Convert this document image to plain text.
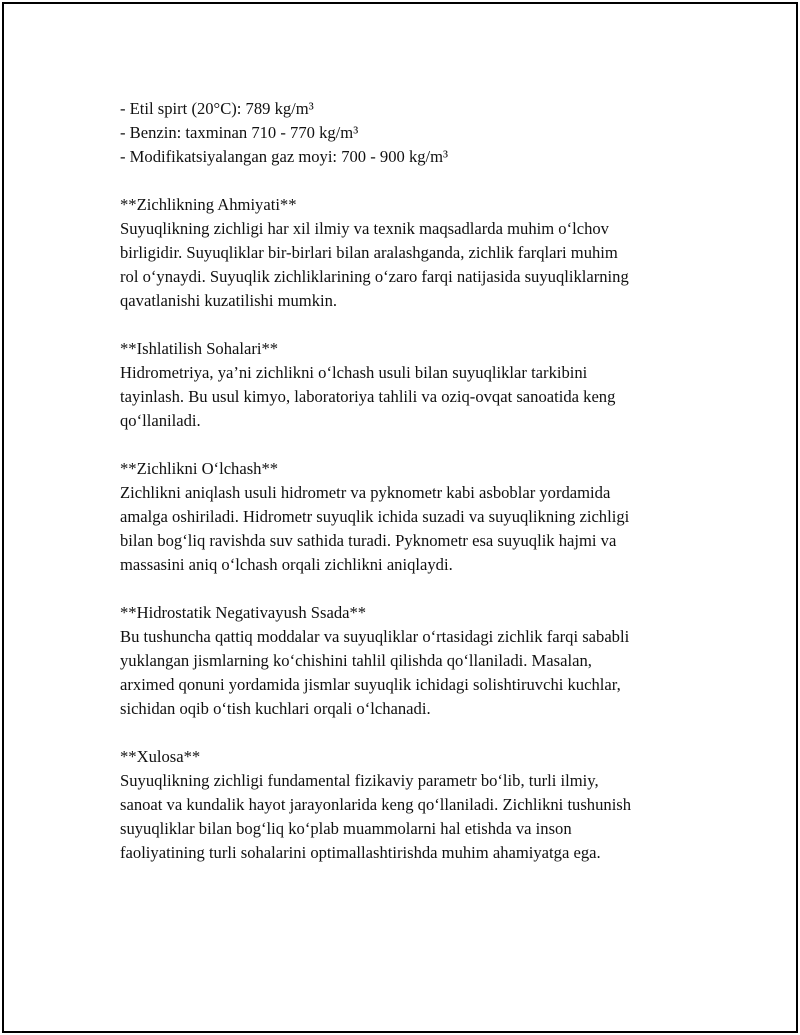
- Etil spirt (20°C): 789 kg/m³
- Benzin: taxminan 710 - 770 kg/m³
- Modifikatsiyalangan gaz moyi: 700 - 900 kg/m³
**Zichlikning Ahmiyati**
Suyuqlikning zichligi har xil ilmiy va texnik maqsadlarda muhim o‘lchov
birligidir. Suyuqliklar bir-birlari bilan aralashganda, zichlik farqlari muhim
rol o‘ynaydi. Suyuqlik zichliklarining o‘zaro farqi natijasida suyuqliklarning
qavatlanishi kuzatilishi mumkin.
**Ishlatilish Sohalari**
Hidrometriya, ya’ni zichlikni o‘lchash usuli bilan suyuqliklar tarkibini
tayinlash. Bu usul kimyo, laboratoriya tahlili va oziq-ovqat sanoatida keng
qo‘llaniladi.
**Zichlikni O‘lchash**
Zichlikni aniqlash usuli hidrometr va pyknometr kabi asboblar yordamida
amalga oshiriladi. Hidrometr suyuqlik ichida suzadi va suyuqlikning zichligi
bilan bog‘liq ravishda suv sathida turadi. Pyknometr esa suyuqlik hajmi va
massasini aniq o‘lchash orqali zichlikni aniqlaydi.
**Hidrostatik Negativayush Ssada**
Bu tushuncha qattiq moddalar va suyuqliklar o‘rtasidagi zichlik farqi sababli
yuklangan jismlarning ko‘chishini tahlil qilishda qo‘llaniladi. Masalan,
arximed qonuni yordamida jismlar suyuqlik ichidagi solishtiruvchi kuchlar,
sichidan oqib o‘tish kuchlari orqali o‘lchanadi.
**Xulosa**
Suyuqlikning zichligi fundamental fizikaviy parametr bo‘lib, turli ilmiy,
sanoat va kundalik hayot jarayonlarida keng qo‘llaniladi. Zichlikni tushunish
suyuqliklar bilan bog‘liq ko‘plab muammolarni hal etishda va inson
faoliyatining turli sohalarini optimallashtirishda muhim ahamiyatga ega.
